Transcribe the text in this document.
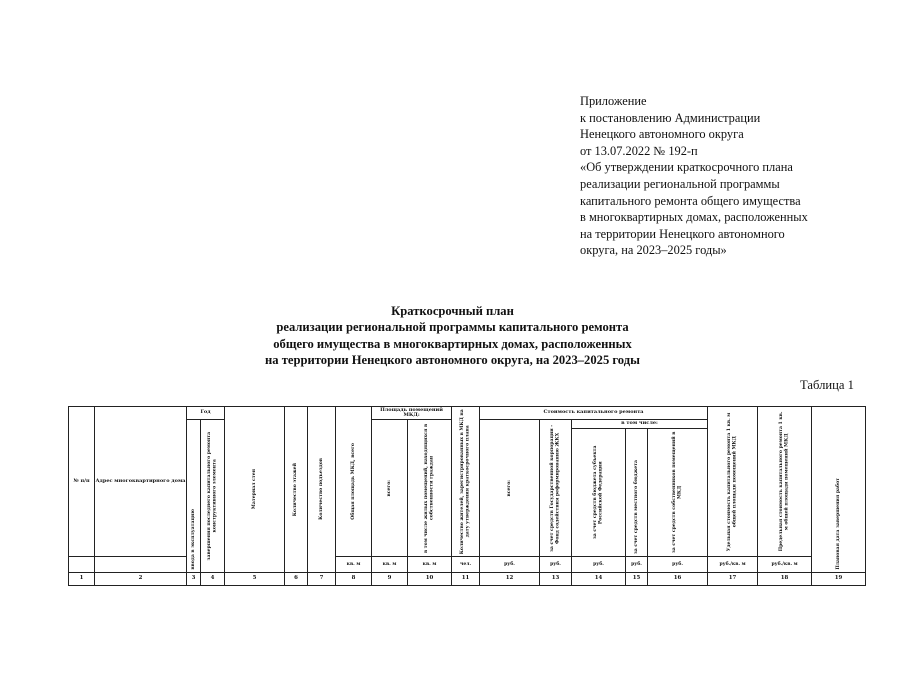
Приложение
к постановлению Администрации
Ненецкого автономного округа
от 13.07.2022 № 192-п
«Об утверждении краткосрочного плана
реализации региональной программы
капитального ремонта общего имущества
в многоквартирных домах, расположенных
на территории Ненецкого автономного
округа, на 2023–2025 годы»
Краткосрочный план
реализации региональной программы капитального ремонта
общего имущества в многоквартирных домах, расположенных
на территории Ненецкого автономного округа, на 2023–2025 годы
Таблица 1
№ п/п	Адрес многоквартирного дома	Год		Материал стен	Количество этажей	Количество подъездов	Общая площадь МКД, всего	Площадь помещений МКД:		Количество жителей, зарегистрированных в МКД на дату утверждения краткосрочного плана	Стоимость капитального ремонта					Удельная стоимость капитального ремонта 1 кв. м общей площади помещений МКД	Предельная стоимость капитального ремонта 1 кв. м общей площади помещений МКД	Плановая дата завершения работ

		ввода в эксплуатацию	завершения последнего капитального ремонта конструктивного элемента					всего:	в том числе жилых помещений, находящихся в собственности граждан		всего:	за счет средств Государственной корпорации - Фонд содействия реформированию ЖКХ	в том числе:					

													за счет средств бюджета субъекта Российской Федерации	за счет средств местного бюджета	за счет средств собственников помещений в МКД			

							кв. м	кв. м	кв. м	чел.	руб.	руб.	руб.	руб.	руб.	руб./кв. м	руб./кв. м	
1	2	3	4	5	6	7	8	9	10	11	12	13	14	15	16	17	18	19
